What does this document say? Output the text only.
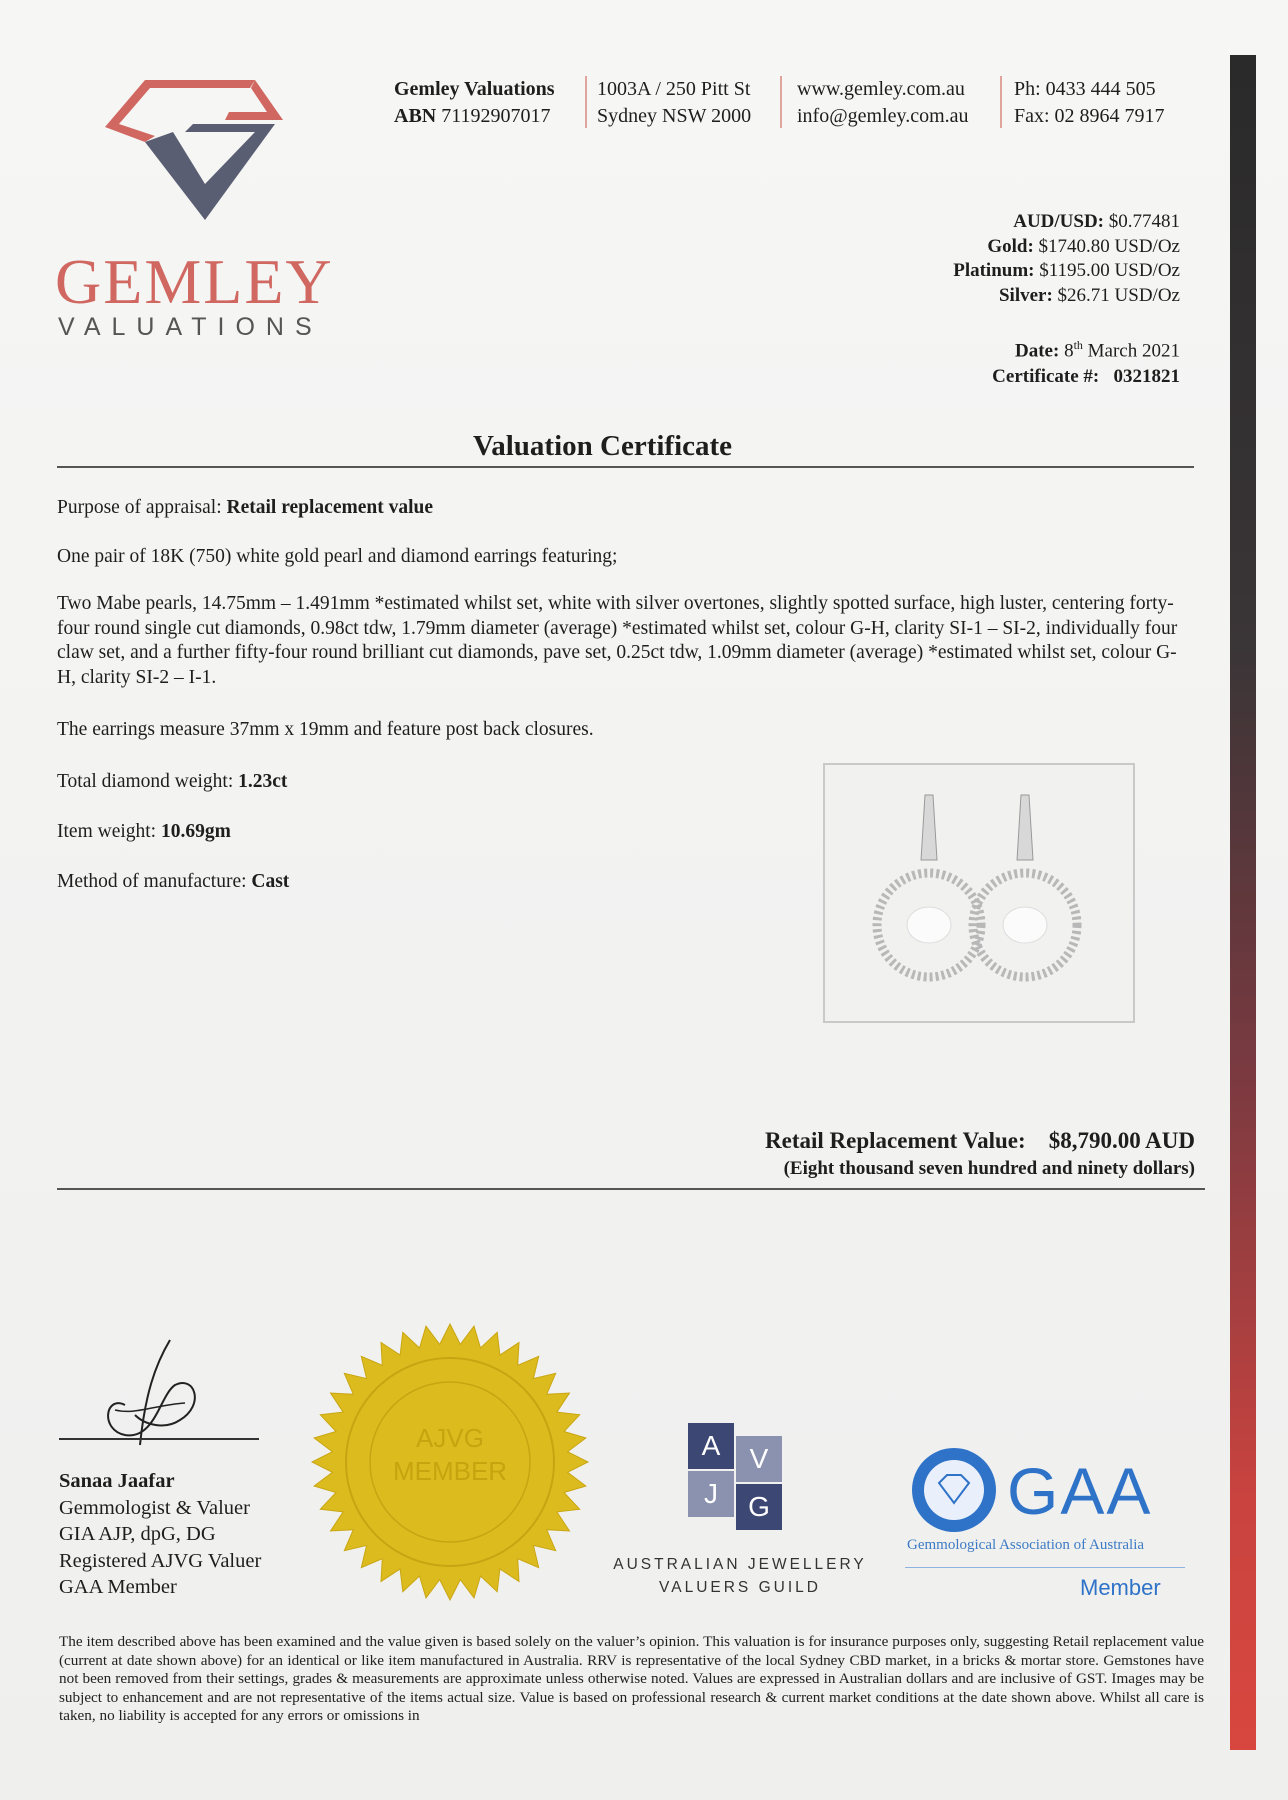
GEMLEY
VALUATIONS
Gemley Valuations
ABN 71192907017
1003A / 250 Pitt St
Sydney NSW 2000
www.gemley.com.au
info@gemley.com.au
Ph: 0433 444 505
Fax: 02 8964 7917
AUD/USD: $0.77481
Gold: $1740.80 USD/Oz
Platinum: $1195.00 USD/Oz
Silver: $26.71 USD/Oz
Date: 8th March 2021
Certificate #: 0321821
Valuation Certificate
Purpose of appraisal: Retail replacement value
One pair of 18K (750) white gold pearl and diamond earrings featuring;
Two Mabe pearls, 14.75mm – 1.491mm *estimated whilst set, white with silver overtones, slightly spotted surface, high luster, centering forty-four round single cut diamonds, 0.98ct tdw, 1.79mm diameter (average) *estimated whilst set, colour G-H, clarity SI-1 – SI-2, individually four claw set, and a further fifty-four round brilliant cut diamonds, pave set, 0.25ct tdw, 1.09mm diameter (average) *estimated whilst set, colour G-H, clarity SI-2 – I-1.
The earrings measure 37mm x 19mm and feature post back closures.
Total diamond weight: 1.23ct
Item weight: 10.69gm
Method of manufacture: Cast
Retail Replacement Value: $8,790.00 AUD
(Eight thousand seven hundred and ninety dollars)
Sanaa Jaafar
Gemmologist & Valuer
GIA AJP, dpG, DG
Registered AJVG Valuer
GAA Member
AJVG
MEMBER
A	V
J	G
AUSTRALIAN JEWELLERY
VALUERS GUILD
GAA
Gemmological Association of Australia
Member
The item described above has been examined and the value given is based solely on the valuer’s opinion. This valuation is for insurance purposes only, suggesting Retail replacement value (current at date shown above) for an identical or like item manufactured in Australia. RRV is representative of the local Sydney CBD market, in a bricks & mortar store. Gemstones have not been removed from their settings, grades & measurements are approximate unless otherwise noted. Values are expressed in Australian dollars and are inclusive of GST. Images may be subject to enhancement and are not representative of the items actual size. Value is based on professional research & current market conditions at the date shown above. Whilst all care is taken, no liability is accepted for any errors or omissions in
